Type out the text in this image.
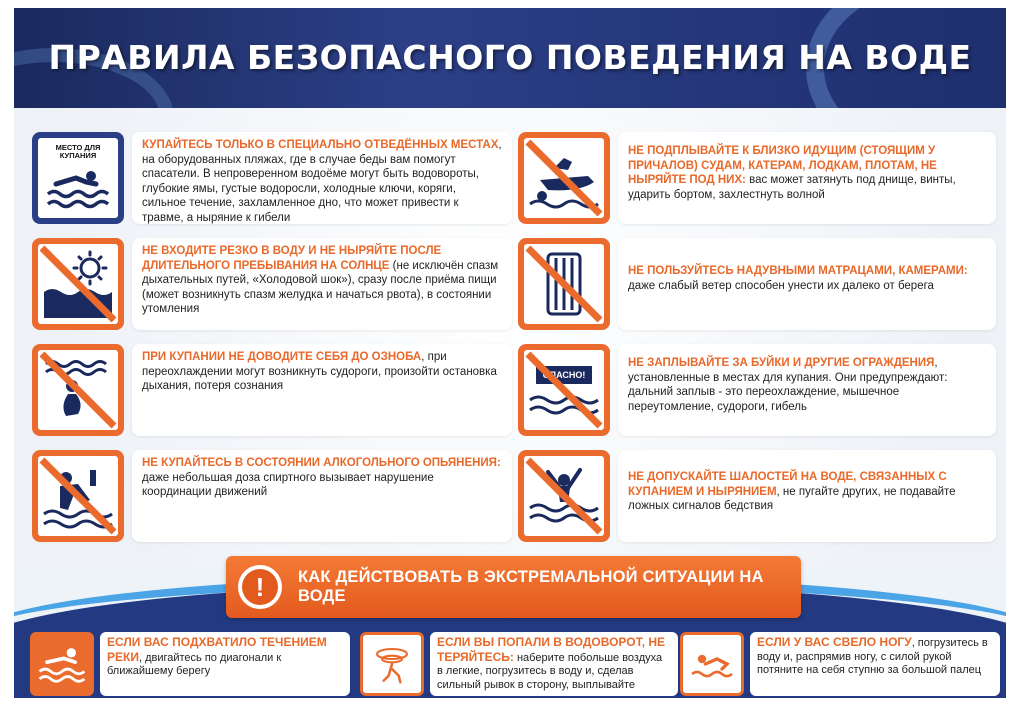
ПРАВИЛА БЕЗОПАСНОГО ПОВЕДЕНИЯ НА ВОДЕ
МЕСТО ДЛЯ КУПАНИЯ
КУПАЙТЕСЬ ТОЛЬКО В СПЕЦИАЛЬНО ОТВЕДЁННЫХ МЕСТАХ, на оборудованных пляжах, где в случае беды вам помогут спасатели. В непроверенном водоёме могут быть водовороты, глубокие ямы, густые водоросли, холодные ключи, коряги, сильное течение, захламленное дно, что может привести к травме, а ныряние к гибели
НЕ ВХОДИТЕ РЕЗКО В ВОДУ И НЕ НЫРЯЙТЕ ПОСЛЕ ДЛИТЕЛЬНОГО ПРЕБЫВАНИЯ НА СОЛНЦЕ (не исключён спазм дыхательных путей, «Холодовой шок»), сразу после приёма пищи (может возникнуть спазм желудка и начаться рвота), в состоянии утомления
ПРИ КУПАНИИ НЕ ДОВОДИТЕ СЕБЯ ДО ОЗНОБА, при переохлаждении могут возникнуть судороги, произойти остановка дыхания, потеря сознания
НЕ КУПАЙТЕСЬ В СОСТОЯНИИ АЛКОГОЛЬНОГО ОПЬЯНЕНИЯ: даже небольшая доза спиртного вызывает нарушение координации движений
НЕ ПОДПЛЫВАЙТЕ К БЛИЗКО ИДУЩИМ (СТОЯЩИМ У ПРИЧАЛОВ) СУДАМ, КАТЕРАМ, ЛОДКАМ, ПЛОТАМ, НЕ НЫРЯЙТЕ ПОД НИХ: вас может затянуть под днище, винты, ударить бортом, захлестнуть волной
НЕ ПОЛЬЗУЙТЕСЬ НАДУВНЫМИ МАТРАЦАМИ, КАМЕРАМИ: даже слабый ветер способен унести их далеко от берега
ОПАСНО!
НЕ ЗАПЛЫВАЙТЕ ЗА БУЙКИ И ДРУГИЕ ОГРАЖДЕНИЯ, установленные в местах для купания. Они предупреждают: дальний заплыв - это переохлаждение, мышечное переутомление, судороги, гибель
НЕ ДОПУСКАЙТЕ ШАЛОСТЕЙ НА ВОДЕ, СВЯЗАННЫХ С КУПАНИЕМ И НЫРЯНИЕМ, не пугайте других, не подавайте ложных сигналов бедствия
!	КАК ДЕЙСТВОВАТЬ В ЭКСТРЕМАЛЬНОЙ СИТУАЦИИ НА ВОДЕ
ЕСЛИ ВАС ПОДХВАТИЛО ТЕЧЕНИЕМ РЕКИ, двигайтесь по диагонали к ближайшему берегу
ЕСЛИ ВЫ ПОПАЛИ В ВОДОВОРОТ, НЕ ТЕРЯЙТЕСЬ: наберите побольше воздуха в легкие, погрузитесь в воду и, сделав сильный рывок в сторону, выплывайте
ЕСЛИ У ВАС СВЕЛО НОГУ, погрузитесь в воду и, распрямив ногу, с силой рукой потяните на себя ступню за большой палец
